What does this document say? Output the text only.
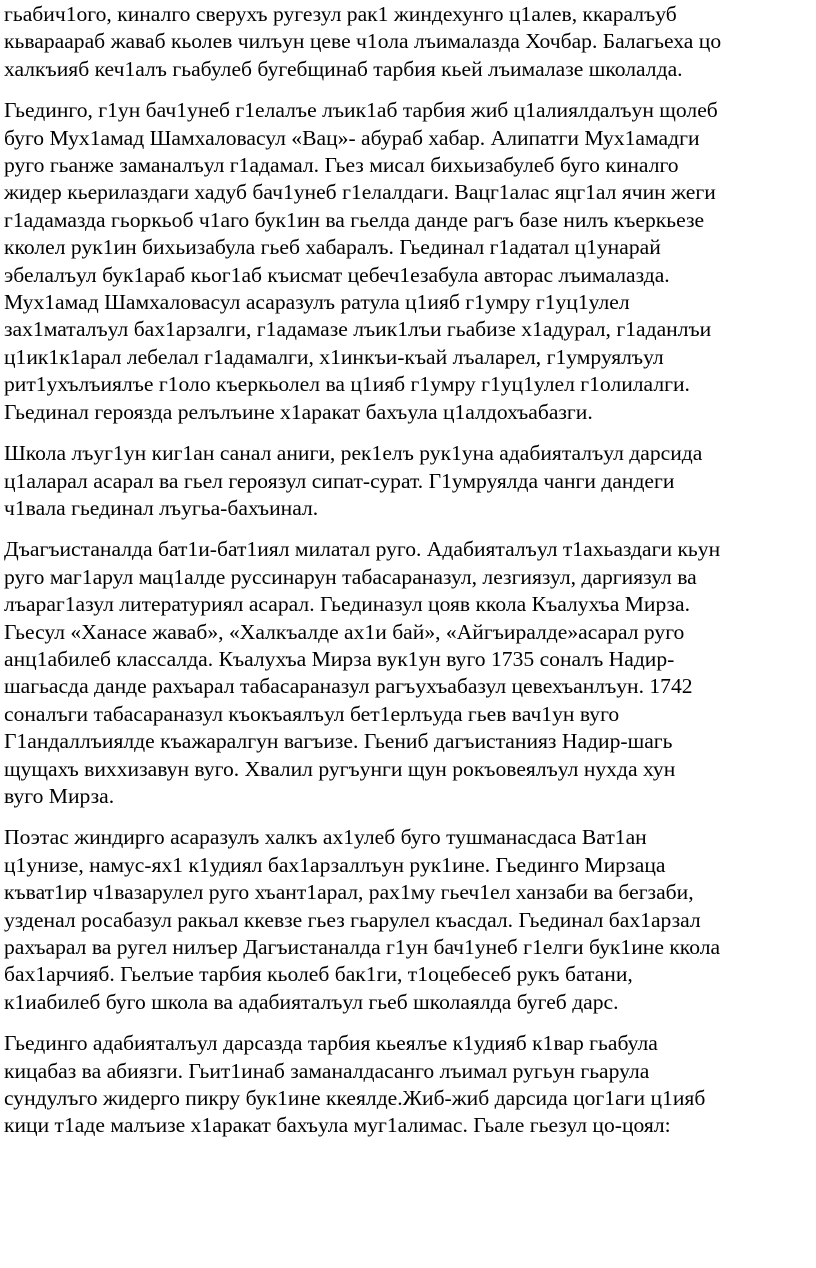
гьабич1ого, киналго сверухъ ругезул рак1 жиндехунго ц1алев, ккаралъуб
кьвараараб жаваб кьолев чилъун цеве ч1ола лъималазда Хочбар. Балагьеха цо
халкъияб кеч1алъ гьабулеб бугебщинаб тарбия кьей лъималазе школалда.

Гьединго, г1ун бач1унеб г1елалъе лъик1аб тарбия жиб ц1алиялдалъун щолеб
буго Мух1амад Шамхаловасул «Вац»- абураб хабар. Алипатги Мух1амадги
руго гьанже заманалъул г1адамал. Гьез мисал бихьизабулеб буго киналго
жидер кьерилаздаги хадуб бач1унеб г1елалдаги. Вацг1алас яцг1ал ячин жеги
г1адамазда гьоркьоб ч1аго бук1ин ва гьелда данде рагъ базе нилъ къеркьезе
кколел рук1ин бихьизабула гьеб хабаралъ. Гьединал г1адатал ц1унарай
эбелалъул бук1араб кьог1аб къисмат цебеч1езабула авторас лъималазда.
Мух1амад Шамхаловасул асаразулъ ратула ц1ияб г1умру г1уц1улел
зах1маталъул бах1арзалги, г1адамазе лъик1лъи гьабизе х1адурал, г1аданлъи
ц1ик1к1арал лебелал г1адамалги, х1инкъи-къай лъаларел, г1умруялъул
рит1ухълъиялъе г1оло къеркьолел ва ц1ияб г1умру г1уц1улел г1олилалги.
Гьединал героязда релълъине х1аракат бахъула ц1алдохъабазги.

Школа лъуг1ун киг1ан санал аниги, рек1елъ рук1уна адабияталъул дарсида
ц1аларал асарал ва гьел героязул сипат-сурат. Г1умруялда чанги дандеги
ч1вала гьединал лъугьа-бахъинал.

Дъагъистаналда бат1и-бат1иял милатал руго. Адабияталъул т1ахьаздаги кьун
руго маг1арул мац1алде руссинарун табасараназул, лезгиязул, даргиязул ва
лъараг1азул литературиял асарал. Гьединазул цояв ккола Къалухъа Мирза.
Гьесул «Ханасе жаваб», «Халкъалде ах1и бай», «Айгъиралде»асарал руго
анц1абилеб классалда. Къалухъа Мирза вук1ун вуго 1735 соналъ Надир-
шагьасда данде рахъарал табасараназул рагъухъабазул цевехъанлъун. 1742
соналъги табасараназул къокъаялъул бет1ерлъуда гьев вач1ун вуго
Г1андаллъиялде къажаралгун вагъизе. Гьениб дагъистанияз Надир-шагь
щущахъ виххизавун вуго. Хвалил ругъунги щун рокъовеялъул нухда хун
вуго Мирза.

Поэтас жиндирго асаразулъ халкъ ах1улеб буго тушманасдаса Ват1ан
ц1унизе, намус-ях1 к1удиял бах1арзаллъун рук1ине. Гьединго Мирзаца
къват1ир ч1вазарулел руго хъант1арал, рах1му гьеч1ел ханзаби ва бегзаби,
узденал росабазул ракьал ккевзе гьез гьарулел къасдал. Гьединал бах1арзал
рахъарал ва ругел нилъер Дагъистаналда г1ун бач1унеб г1елги бук1ине ккола
бах1арчияб. Гьелъие тарбия кьолеб бак1ги, т1оцебесеб рукъ батани,
к1иабилеб буго школа ва адабияталъул гьеб школаялда бугеб дарс.

Гьединго адабияталъул дарсазда тарбия кьеялъе к1удияб к1вар гьабула
кицабаз ва абиязги. Гьит1инаб заманалдасанго лъимал ругьун гьарула
сундулъго жидерго пикру бук1ине ккеялде.Жиб-жиб дарсида цог1аги ц1ияб
кици т1аде малъизе х1аракат бахъула муг1алимас. Гьале гьезул цо-цоял:
